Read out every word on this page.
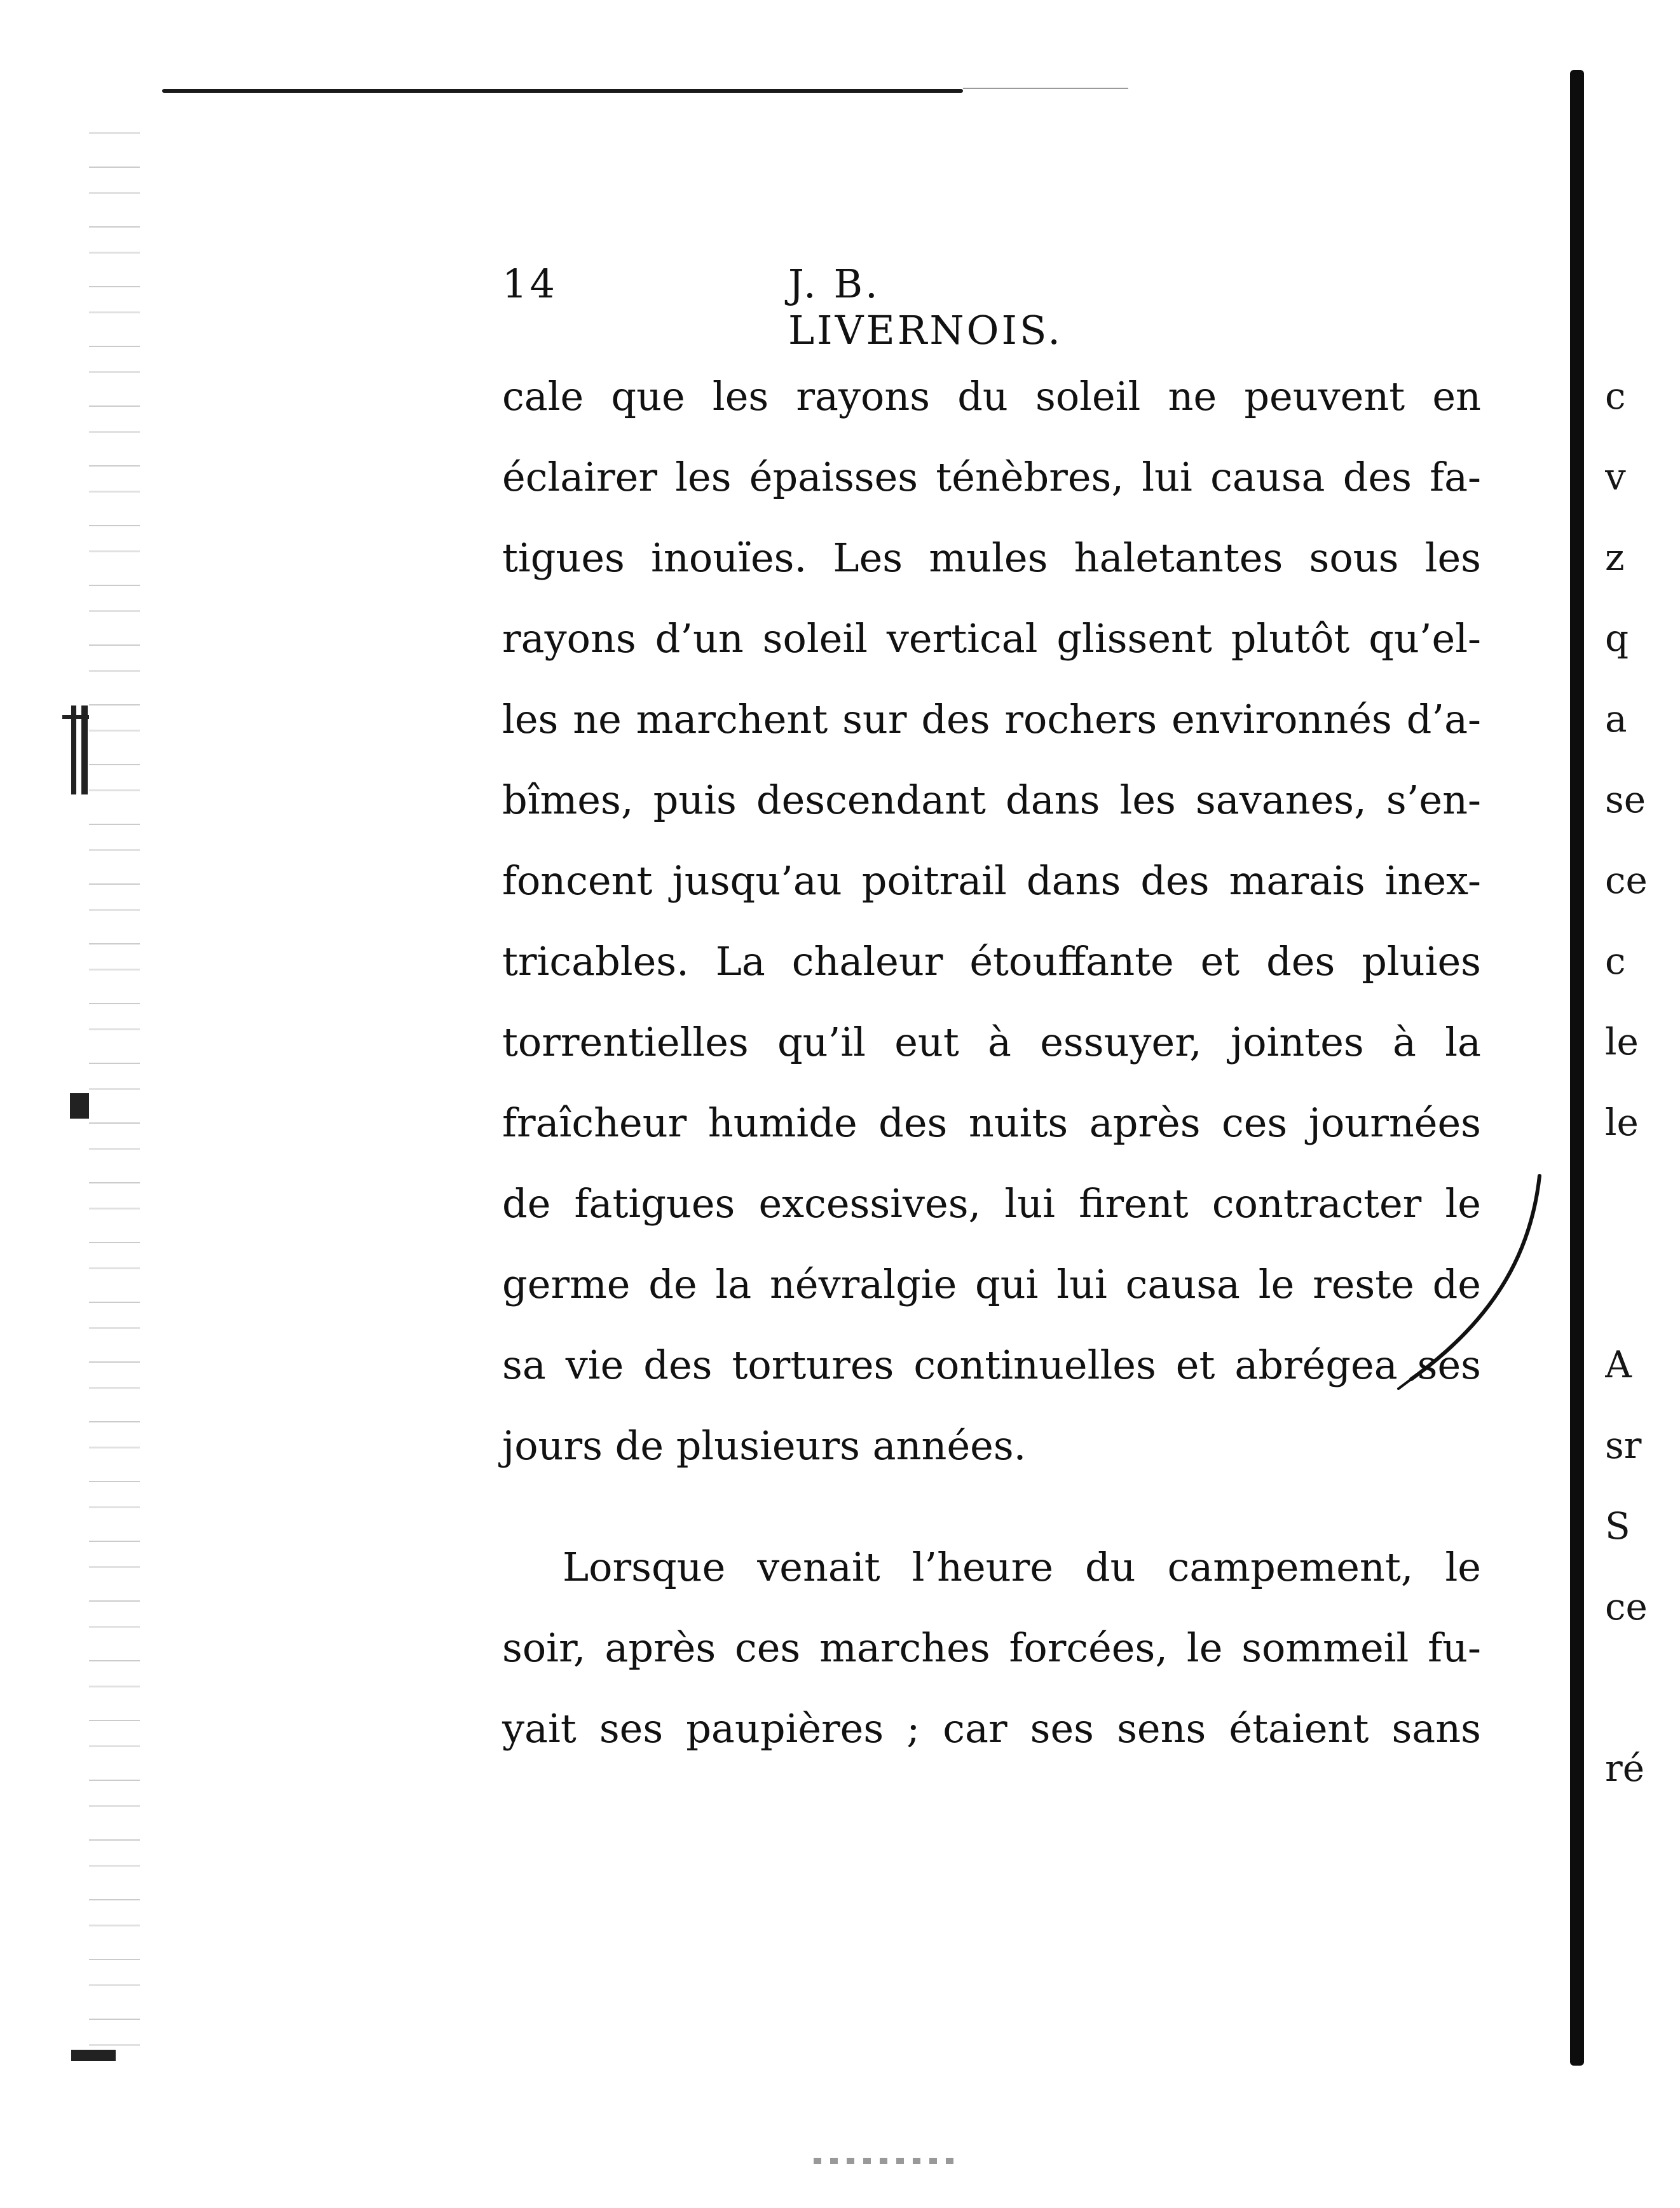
14	J. B. LIVERNOIS.
cale que les rayons du soleil ne peuvent en
éclairer les épaisses ténèbres, lui causa des fa-
tigues inouïes. Les mules haletantes sous les
rayons d’un soleil vertical glissent plutôt qu’el-
les ne marchent sur des rochers environnés d’a-
bîmes, puis descendant dans les savanes, s’en-
foncent jusqu’au poitrail dans des marais inex-
tricables. La chaleur étouffante et des pluies
torrentielles qu’il eut à essuyer, jointes à la
fraîcheur humide des nuits après ces journées
de fatigues excessives, lui firent contracter le
germe de la névralgie qui lui causa le reste de
sa vie des tortures continuelles et abrégea ses
jours de plusieurs années.
Lorsque venait l’heure du campement, le
soir, après ces marches forcées, le sommeil fu-
yait ses paupières ; car ses sens étaient sans
c
v
z
q
a
se
ce
c
le
le
A
sr
S
ce
ré
